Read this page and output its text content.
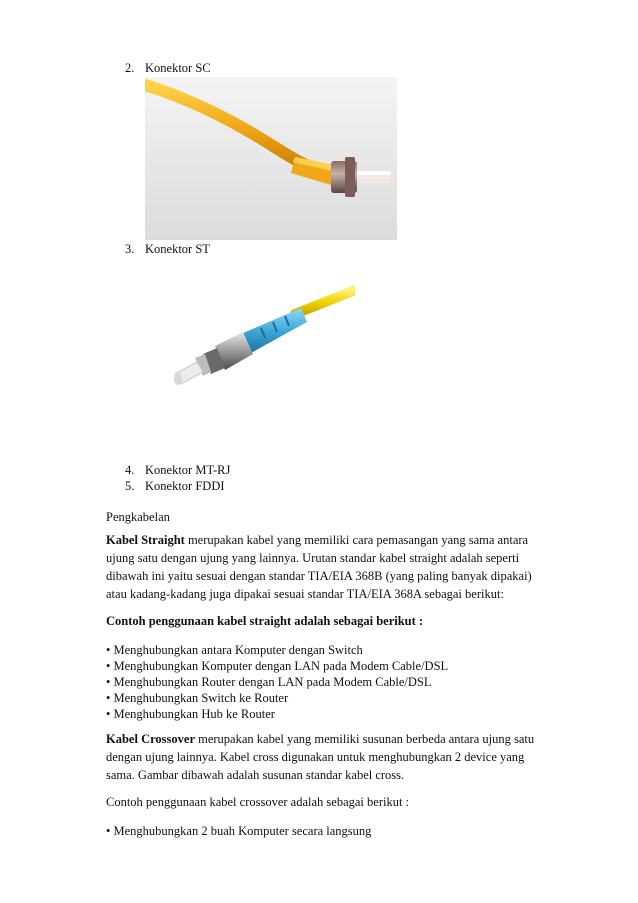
2. Konektor SC
3. Konektor ST
4. Konektor MT-RJ
5. Konektor FDDI
Pengkabelan
Kabel Straight merupakan kabel yang memiliki cara pemasangan yang sama antara
ujung satu dengan ujung yang lainnya. Urutan standar kabel straight adalah seperti
dibawah ini yaitu sesuai dengan standar TIA/EIA 368B (yang paling banyak dipakai)
atau kadang-kadang juga dipakai sesuai standar TIA/EIA 368A sebagai berikut:
Contoh penggunaan kabel straight adalah sebagai berikut :
• Menghubungkan antara Komputer dengan Switch
• Menghubungkan Komputer dengan LAN pada Modem Cable/DSL
• Menghubungkan Router dengan LAN pada Modem Cable/DSL
• Menghubungkan Switch ke Router
• Menghubungkan Hub ke Router
Kabel Crossover merupakan kabel yang memiliki susunan berbeda antara ujung satu
dengan ujung lainnya. Kabel cross digunakan untuk menghubungkan 2 device yang
sama. Gambar dibawah adalah susunan standar kabel cross.
Contoh penggunaan kabel crossover adalah sebagai berikut :
• Menghubungkan 2 buah Komputer secara langsung
